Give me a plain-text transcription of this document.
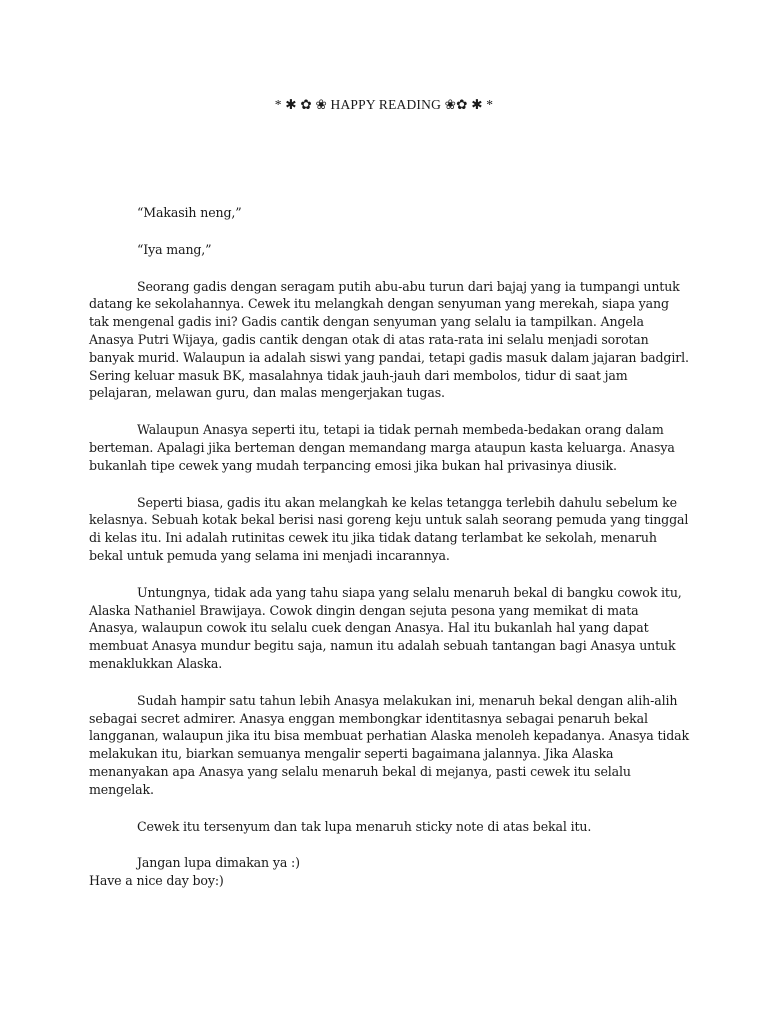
* ✱ ✿ ❀ HAPPY READING ❀✿ ✱ *

“Makasih neng,”

“Iya mang,”

Seorang gadis dengan seragam putih abu-abu turun dari bajaj yang ia tumpangi untuk datang ke sekolahannya. Cewek itu melangkah dengan senyuman yang merekah, siapa yang tak mengenal gadis ini? Gadis cantik dengan senyuman yang selalu ia tampilkan. Angela Anasya Putri Wijaya, gadis cantik dengan otak di atas rata-rata ini selalu menjadi sorotan banyak murid. Walaupun ia adalah siswi yang pandai, tetapi gadis masuk dalam jajaran badgirl. Sering keluar masuk BK, masalahnya tidak jauh-jauh dari membolos, tidur di saat jam pelajaran, melawan guru, dan malas mengerjakan tugas.

Walaupun Anasya seperti itu, tetapi ia tidak pernah membeda-bedakan orang dalam berteman. Apalagi jika berteman dengan memandang marga ataupun kasta keluarga. Anasya bukanlah tipe cewek yang mudah terpancing emosi jika bukan hal privasinya diusik.

Seperti biasa, gadis itu akan melangkah ke kelas tetangga terlebih dahulu sebelum ke kelasnya. Sebuah kotak bekal berisi nasi goreng keju untuk salah seorang pemuda yang tinggal di kelas itu. Ini adalah rutinitas cewek itu jika tidak datang terlambat ke sekolah, menaruh bekal untuk pemuda yang selama ini menjadi incarannya.

Untungnya, tidak ada yang tahu siapa yang selalu menaruh bekal di bangku cowok itu, Alaska Nathaniel Brawijaya. Cowok dingin dengan sejuta pesona yang memikat di mata Anasya, walaupun cowok itu selalu cuek dengan Anasya. Hal itu bukanlah hal yang dapat membuat Anasya mundur begitu saja, namun itu adalah sebuah tantangan bagi Anasya untuk menaklukkan Alaska.

Sudah hampir satu tahun lebih Anasya melakukan ini, menaruh bekal dengan alih-alih sebagai secret admirer. Anasya enggan membongkar identitasnya sebagai penaruh bekal langganan, walaupun jika itu bisa membuat perhatian Alaska menoleh kepadanya. Anasya tidak melakukan itu, biarkan semuanya mengalir seperti bagaimana jalannya. Jika Alaska menanyakan apa Anasya yang selalu menaruh bekal di mejanya, pasti cewek itu selalu mengelak.

Cewek itu tersenyum dan tak lupa menaruh sticky note di atas bekal itu.

Jangan lupa dimakan ya :)

Have a nice day boy:)
